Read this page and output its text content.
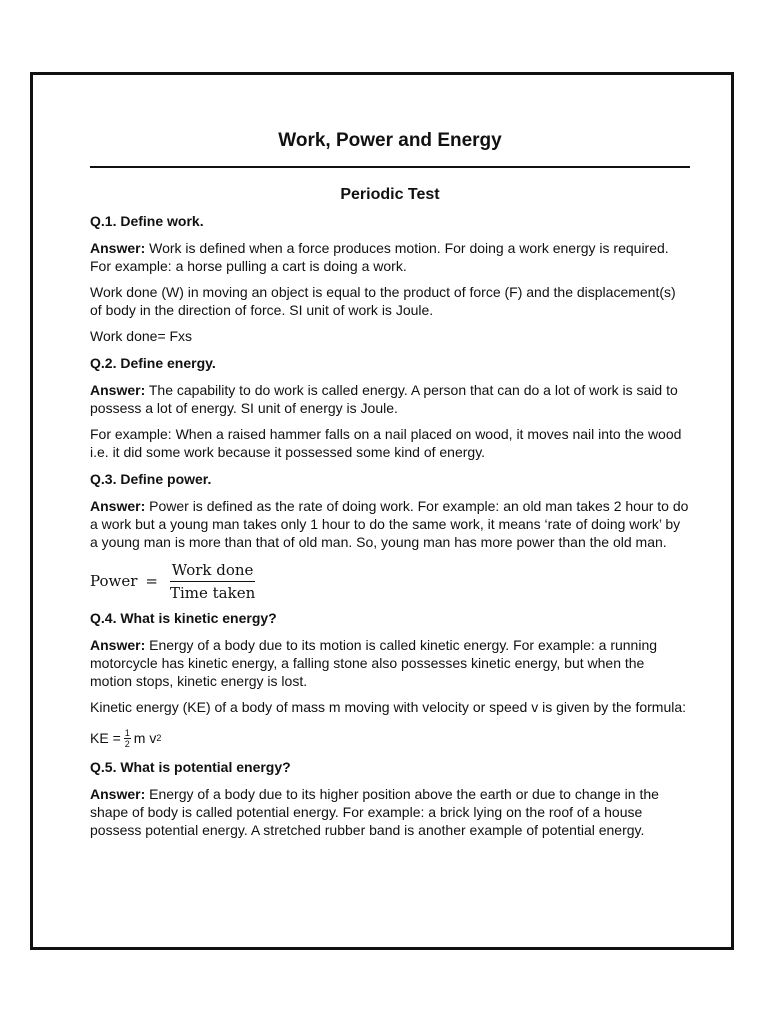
Work, Power and Energy
Periodic Test
Q.1. Define work.

Answer: Work is defined when a force produces motion. For doing a work energy is required. For example: a horse pulling a cart is doing a work.

Work done (W) in moving an object is equal to the product of force (F) and the displacement(s) of body in the direction of force. SI unit of work is Joule.

Work done= Fxs

Q.2. Define energy.

Answer: The capability to do work is called energy. A person that can do a lot of work is said to possess a lot of energy. SI unit of energy is Joule.

For example: When a raised hammer falls on a nail placed on wood, it moves nail into the wood i.e. it did some work because it possessed some kind of energy.

Q.3. Define power.

Answer: Power is defined as the rate of doing work. For example: an old man takes 2 hour to do a work but a young man takes only 1 hour to do the same work, it means ‘rate of doing work’ by a young man is more than that of old man. So, young man has more power than the old man.

Power = $\frac{\text{Work done}}{\text{Time taken}}$
Q.4. What is kinetic energy?

Answer: Energy of a body due to its motion is called kinetic energy. For example: a running motorcycle has kinetic energy, a falling stone also possesses kinetic energy, but when the motion stops, kinetic energy is lost.

Kinetic energy (KE) of a body of mass m moving with velocity or speed v is given by the formula:

KE = $\frac{1}{2}$ m v 2
Q.5. What is potential energy?

Answer: Energy of a body due to its higher position above the earth or due to change in the shape of body is called potential energy. For example: a brick lying on the roof of a house possess potential energy. A stretched rubber band is another example of potential energy.
